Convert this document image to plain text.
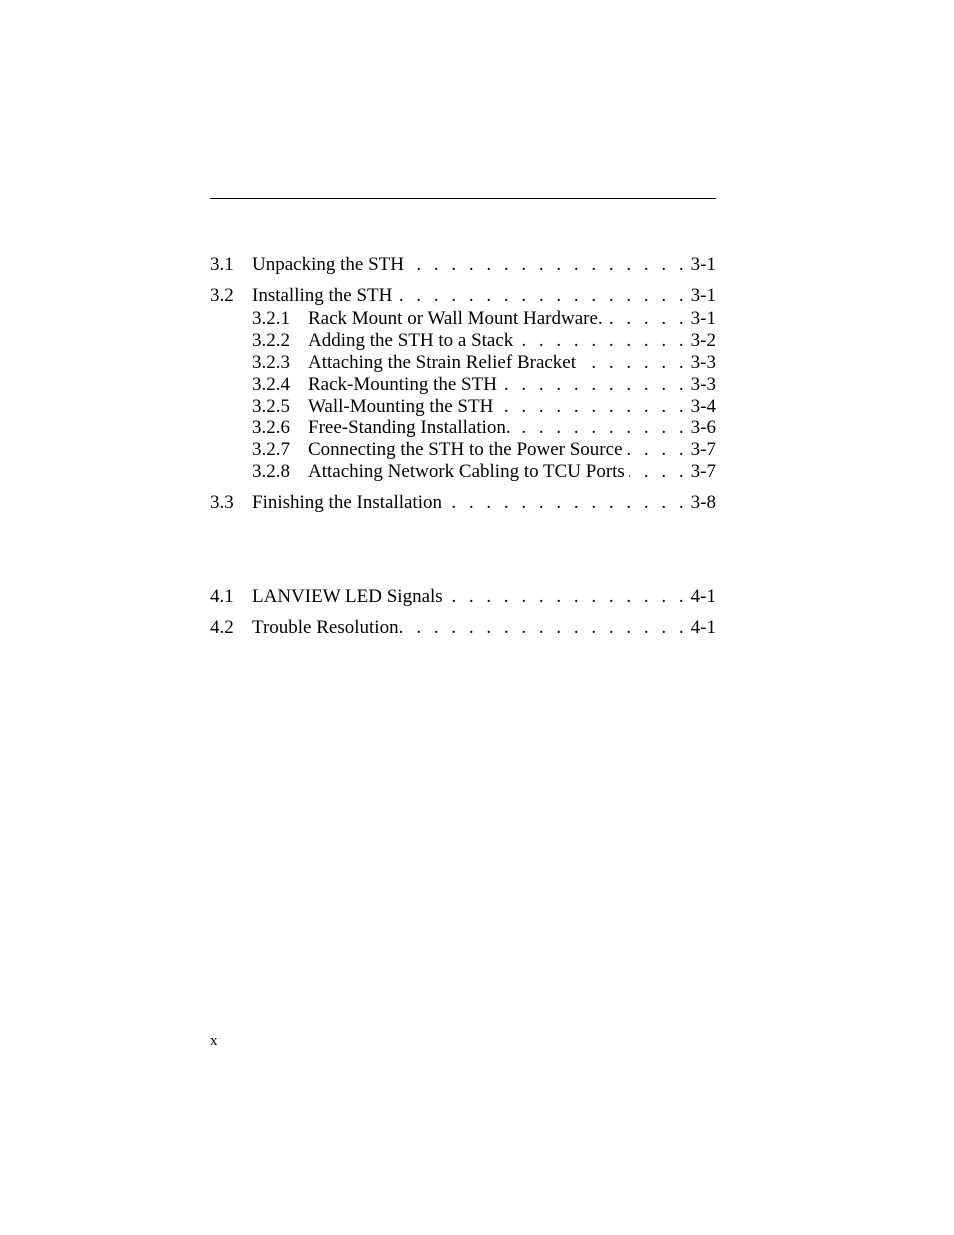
3.1 Unpacking the STH . . .	3-1
3.2 Installing the STH . . .	3-1
3.2.1 Rack Mount or Wall Mount Hardware. . . .	3-1
3.2.2 Adding the STH to a Stack . . .	3-2
3.2.3 Attaching the Strain Relief Bracket . . .	3-3
3.2.4 Rack-Mounting the STH . . .	3-3
3.2.5 Wall-Mounting the STH . . .	3-4
3.2.6 Free-Standing Installation. . . .	3-6
3.2.7 Connecting the STH to the Power Source . . .	3-7
3.2.8 Attaching Network Cabling to TCU Ports . . .	3-7
3.3 Finishing the Installation . . .	3-8
4.1 LANVIEW LED Signals . . .	4-1
4.2 Trouble Resolution. . . .	4-1
x
